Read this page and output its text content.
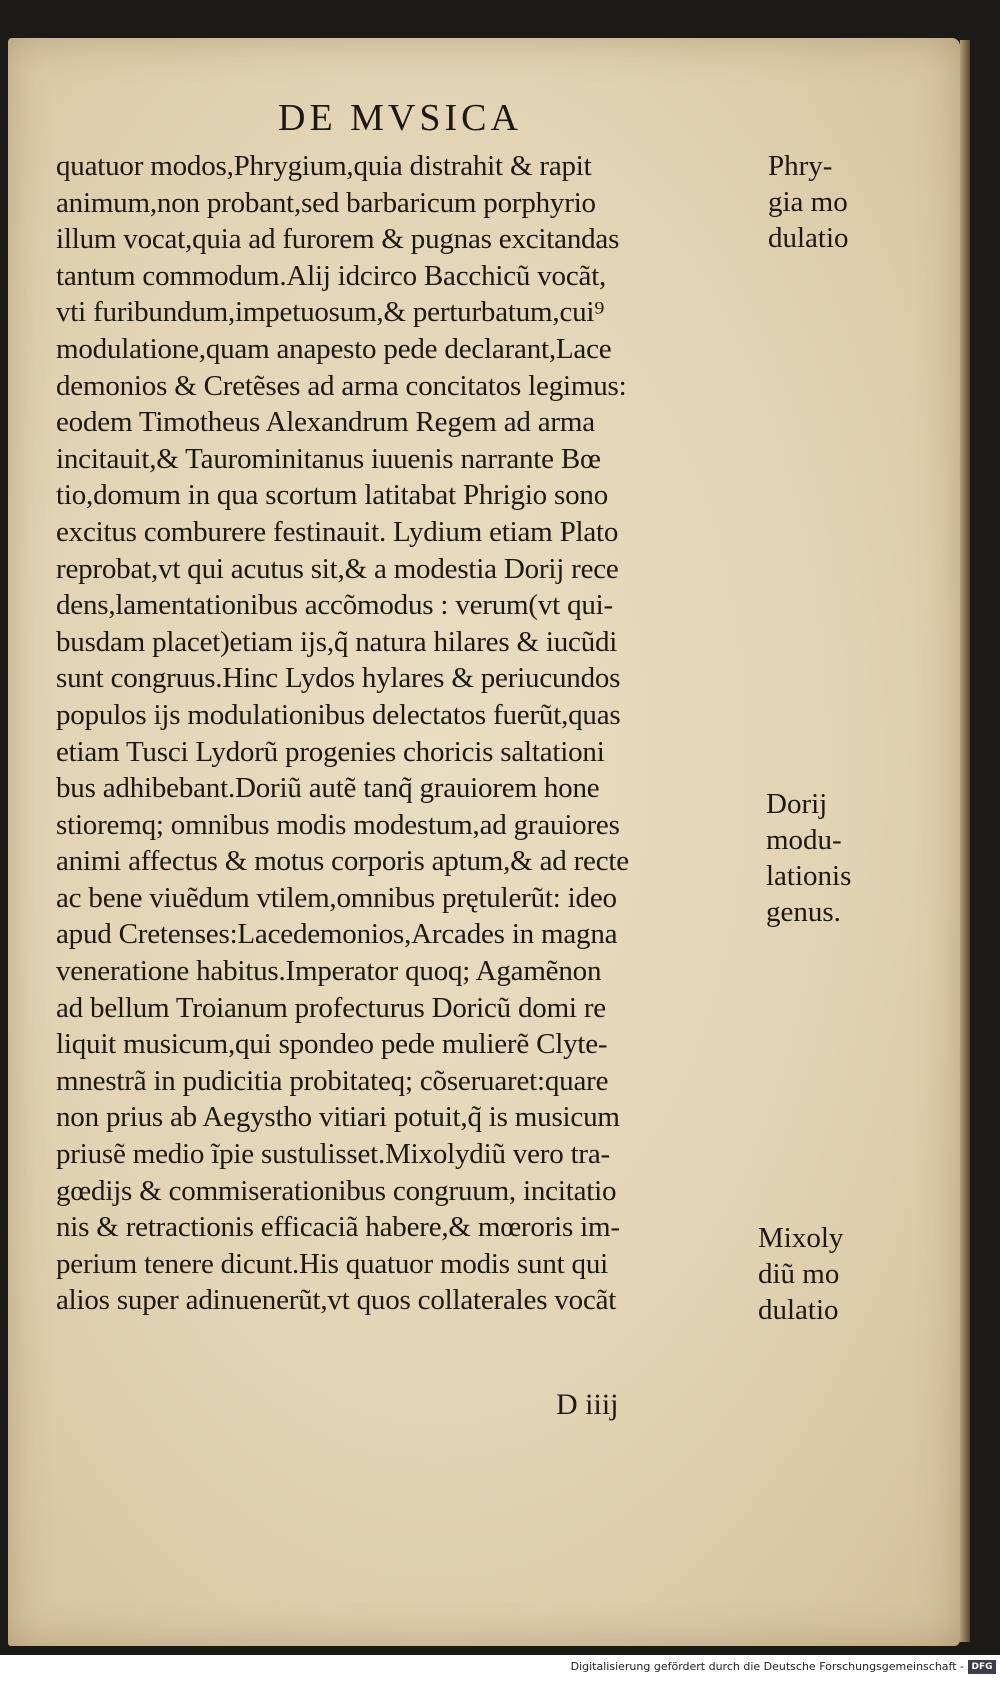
DE MVSICA
quatuor modos,Phrygium,quia distrahit & rapit
animum,non probant,sed barbaricum porphyrio
illum vocat,quia ad furorem & pugnas excitandas
tantum commodum.Alij idcirco Bacchicũ vocãt,
vti furibundum,impetuosum,& perturbatum,cui⁹
modulatione,quam anapesto pede declarant,Lace
demonios & Cretẽses ad arma concitatos legimus:
eodem Timotheus Alexandrum Regem ad arma
incitauit,& Taurominitanus iuuenis narrante Bœ
tio,domum in qua scortum latitabat Phrigio sono
excitus comburere festinauit. Lydium etiam Plato
reprobat,vt qui acutus sit,& a modestia Dorij rece
dens,lamentationibus accõmodus : verum(vt qui-
busdam placet)etiam ijs,q̃ natura hilares & iucũdi
sunt congruus.Hinc Lydos hylares & periucundos
populos ijs modulationibus delectatos fuerũt,quas
etiam Tusci Lydorũ progenies choricis saltationi
bus adhibebant.Doriũ autẽ tanq̃ grauiorem hone
stioremq; omnibus modis modestum,ad grauiores
animi affectus & motus corporis aptum,& ad recte
ac bene viuẽdum vtilem,omnibus prętulerũt: ideo
apud Cretenses:Lacedemonios,Arcades in magna
veneratione habitus.Imperator quoq; Agamẽnon
ad bellum Troianum profecturus Doricũ domi re
liquit musicum,qui spondeo pede mulierẽ Clyte-
mnestrã in pudicitia probitateq; cõseruaret:quare
non prius ab Aegystho vitiari potuit,q̃ is musicum
priusẽ medio ĩpie sustulisset.Mixolydiũ vero tra-
gœdijs & commiserationibus congruum, incitatio
nis & retractionis efficaciã habere,& mœroris im-
perium tenere dicunt.His quatuor modis sunt qui
alios super adinuenerũt,vt quos collaterales vocãt
Phry-
gia mo
dulatio
Dorij
modu-
lationis
genus.
Mixoly
diũ mo
dulatio

D iiij

Digitalisierung gefördert durch die Deutsche Forschungsgemeinschaft - DFG
